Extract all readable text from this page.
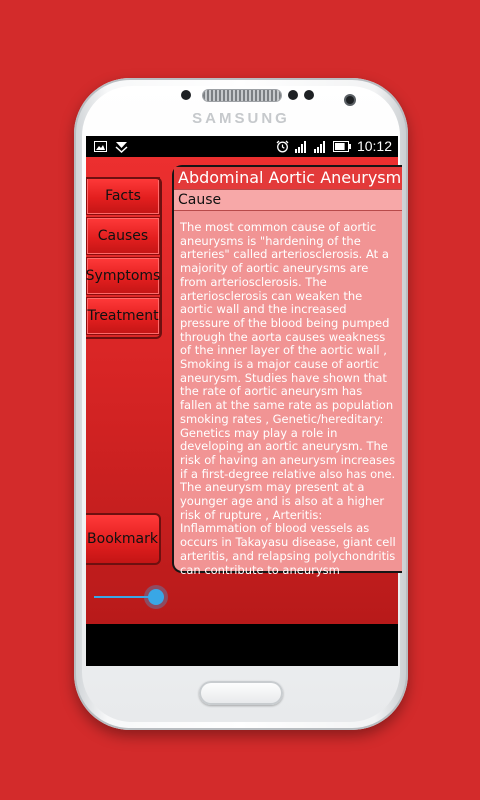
SAMSUNG
10:12
Facts
Causes
Symptoms
Treatment
Bookmark
Abdominal Aortic Aneurysm
Cause
The most common cause of aortic aneurysms is "hardening of the arteries" called arteriosclerosis. At a majority of aortic aneurysms are from arteriosclerosis. The arteriosclerosis can weaken the aortic wall and the increased pressure of the blood being pumped through the aorta causes weakness of the inner layer of the aortic wall , Smoking is a major cause of aortic aneurysm. Studies have shown that the rate of aortic aneurysm has fallen at the same rate as population smoking rates , Genetic/hereditary: Genetics may play a role in developing an aortic aneurysm. The risk of having an aneurysm increases if a first-degree relative also has one. The aneurysm may present at a younger age and is also at a higher risk of rupture , Arteritis: Inflammation of blood vessels as occurs in Takayasu disease, giant cell arteritis, and relapsing polychondritis can contribute to aneurysm
